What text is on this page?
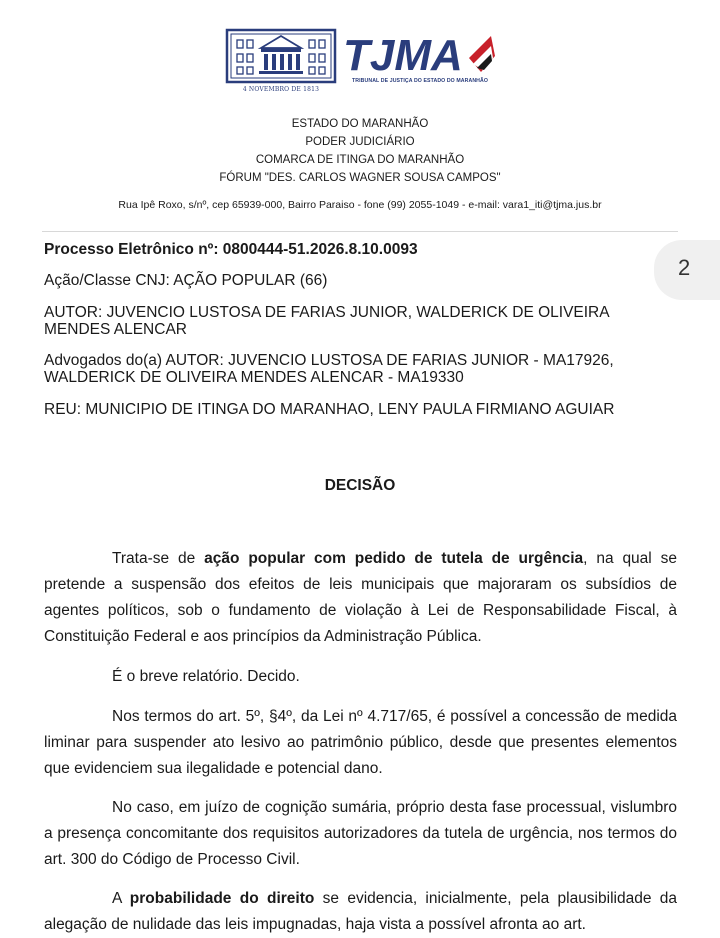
4 NOVEMBRO DE 1813
TJMA
TRIBUNAL DE JUSTIÇA DO ESTADO DO MARANHÃO
ESTADO DO MARANHÃO
PODER JUDICIÁRIO
COMARCA DE ITINGA DO MARANHÃO
FÓRUM "DES. CARLOS WAGNER SOUSA CAMPOS"
Rua Ipê Roxo, s/nº, cep 65939-000, Bairro Paraiso - fone (99) 2055-1049 - e-mail: vara1_iti@tjma.jus.br
2
Processo Eletrônico nº: 0800444-51.2026.8.10.0093
Ação/Classe CNJ: AÇÃO POPULAR (66)
AUTOR: JUVENCIO LUSTOSA DE FARIAS JUNIOR, WALDERICK DE OLIVEIRA
MENDES ALENCAR
Advogados do(a) AUTOR: JUVENCIO LUSTOSA DE FARIAS JUNIOR - MA17926,
WALDERICK DE OLIVEIRA MENDES ALENCAR - MA19330
REU: MUNICIPIO DE ITINGA DO MARANHAO, LENY PAULA FIRMIANO AGUIAR
DECISÃO
Trata-se de ação popular com pedido de tutela de urgência, na qual se pretende a suspensão dos efeitos de leis municipais que majoraram os subsídios de agentes políticos, sob o fundamento de violação à Lei de Responsabilidade Fiscal, à Constituição Federal e aos princípios da Administração Pública.
É o breve relatório. Decido.
Nos termos do art. 5º, §4º, da Lei nº 4.717/65, é possível a concessão de medida liminar para suspender ato lesivo ao patrimônio público, desde que presentes elementos que evidenciem sua ilegalidade e potencial dano.
No caso, em juízo de cognição sumária, próprio desta fase processual, vislumbro a presença concomitante dos requisitos autorizadores da tutela de urgência, nos termos do art. 300 do Código de Processo Civil.
A probabilidade do direito se evidencia, inicialmente, pela plausibilidade da alegação de nulidade das leis impugnadas, haja vista a possível afronta ao art.
